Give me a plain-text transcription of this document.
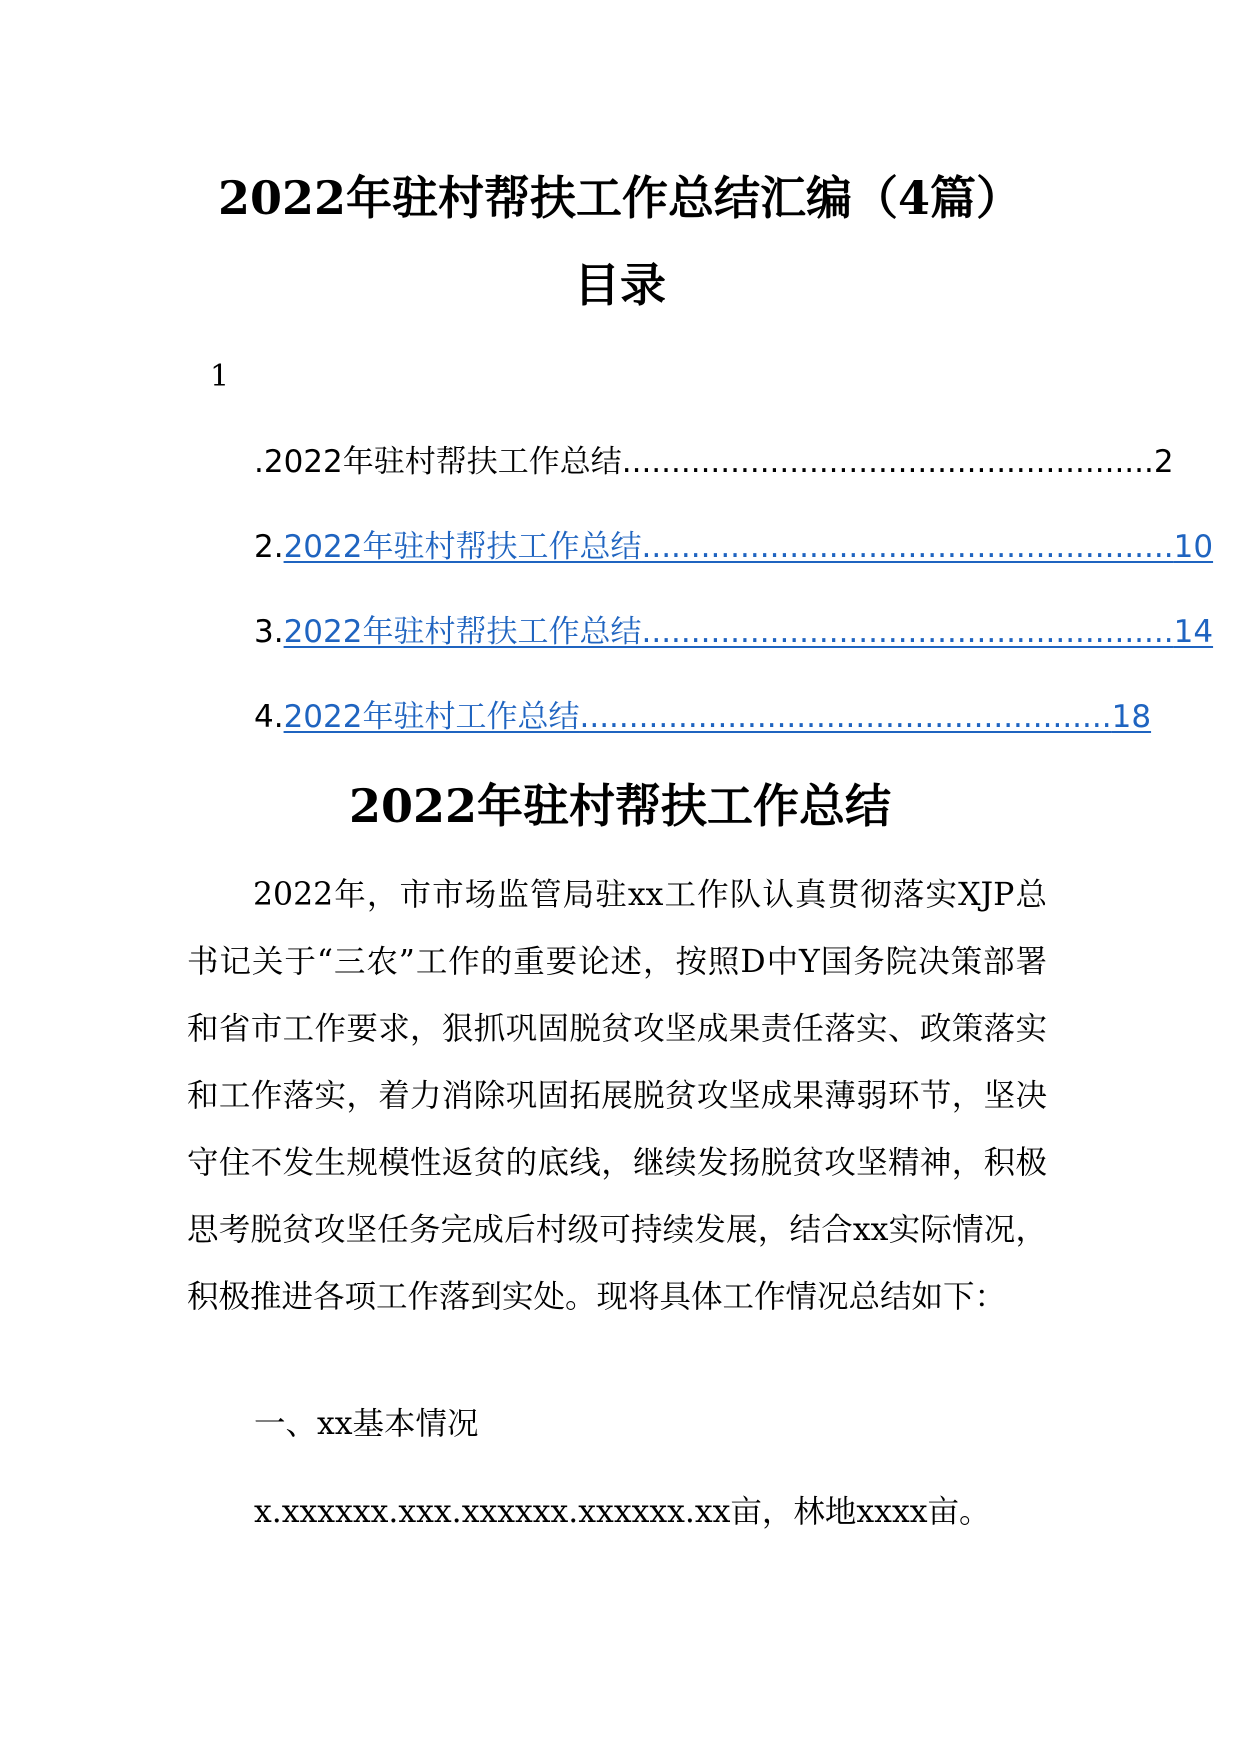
2022年驻村帮扶工作总结汇编（4篇）
目录
1
.2022年驻村帮扶工作总结 ...................................................... 2
2. 2022年驻村帮扶工作总结 ...................................................... 10
3. 2022年驻村帮扶工作总结 ...................................................... 14
4. 2022年驻村工作总结 ...................................................... 18
2022年驻村帮扶工作总结

2022年，市市场监管局驻xx工作队认真贯彻落实XJP总书记关于“三农”工作的重要论述，按照D中Y国务院决策部署和省市工作要求，狠抓巩固脱贫攻坚成果责任落实、政策落实和工作落实，着力消除巩固拓展脱贫攻坚成果薄弱环节，坚决守住不发生规模性返贫的底线，继续发扬脱贫攻坚精神，积极思考脱贫攻坚任务完成后村级可持续发展，结合xx实际情况，积极推进各项工作落到实处。现将具体工作情况总结如下：

一、xx基本情况
x.xxxxxx.xxx.xxxxxx.xxxxxx.xx亩，林地xxxx亩。
